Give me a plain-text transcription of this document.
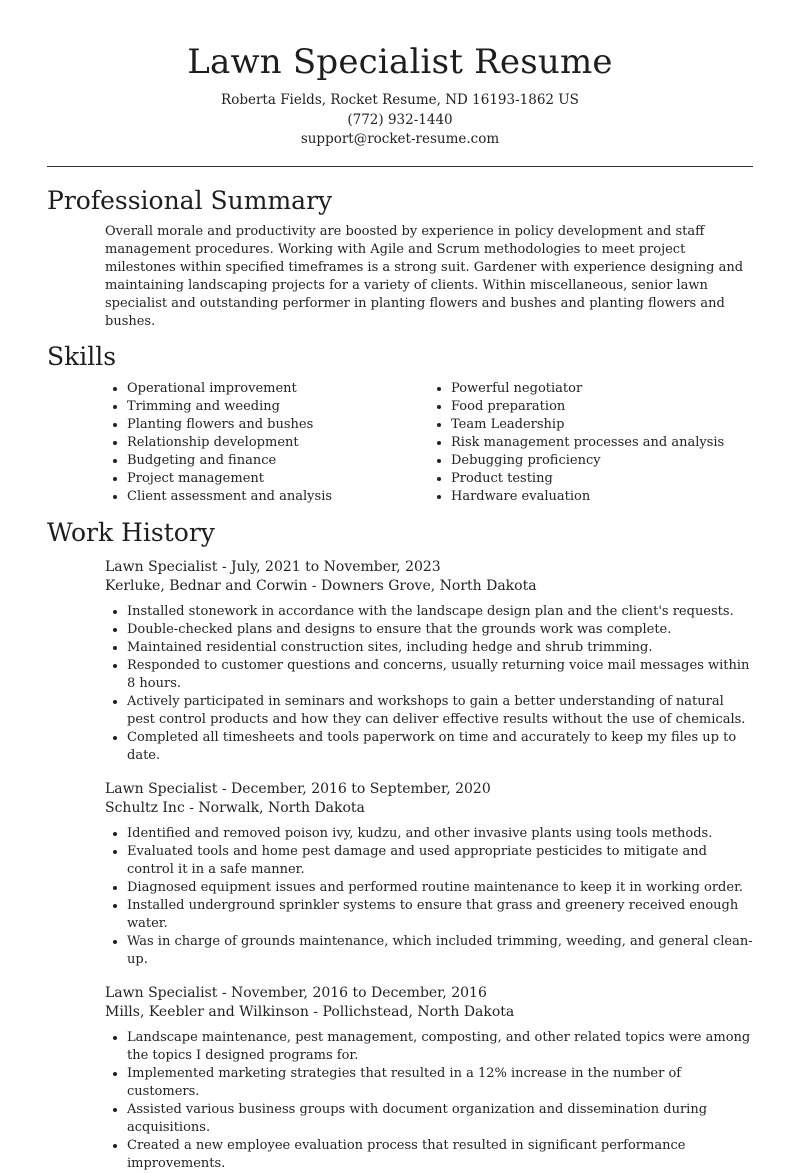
Lawn Specialist Resume
Roberta Fields, Rocket Resume, ND 16193-1862 US
(772) 932-1440
support@rocket-resume.com
Professional Summary

Overall morale and productivity are boosted by experience in policy development and staff management procedures. Working with Agile and Scrum methodologies to meet project milestones within specified timeframes is a strong suit. Gardener with experience designing and maintaining landscaping projects for a variety of clients. Within miscellaneous, senior lawn specialist and outstanding performer in planting flowers and bushes and planting flowers and bushes.

Skills
• Operational improvement
• Trimming and weeding
• Planting flowers and bushes
• Relationship development
• Budgeting and finance
• Project management
• Client assessment and analysis
• Powerful negotiator
• Food preparation
• Team Leadership
• Risk management processes and analysis
• Debugging proficiency
• Product testing
• Hardware evaluation
Work History
Lawn Specialist - July, 2021 to November, 2023
Kerluke, Bednar and Corwin - Downers Grove, North Dakota
• Installed stonework in accordance with the landscape design plan and the client's requests.
• Double-checked plans and designs to ensure that the grounds work was complete.
• Maintained residential construction sites, including hedge and shrub trimming.
• Responded to customer questions and concerns, usually returning voice mail messages within 8 hours.
• Actively participated in seminars and workshops to gain a better understanding of natural pest control products and how they can deliver effective results without the use of chemicals.
• Completed all timesheets and tools paperwork on time and accurately to keep my files up to date.
Lawn Specialist - December, 2016 to September, 2020
Schultz Inc - Norwalk, North Dakota
• Identified and removed poison ivy, kudzu, and other invasive plants using tools methods.
• Evaluated tools and home pest damage and used appropriate pesticides to mitigate and control it in a safe manner.
• Diagnosed equipment issues and performed routine maintenance to keep it in working order.
• Installed underground sprinkler systems to ensure that grass and greenery received enough water.
• Was in charge of grounds maintenance, which included trimming, weeding, and general clean-up.
Lawn Specialist - November, 2016 to December, 2016
Mills, Keebler and Wilkinson - Pollichstead, North Dakota
• Landscape maintenance, pest management, composting, and other related topics were among the topics I designed programs for.
• Implemented marketing strategies that resulted in a 12% increase in the number of customers.
• Assisted various business groups with document organization and dissemination during acquisitions.
• Created a new employee evaluation process that resulted in significant performance improvements.
